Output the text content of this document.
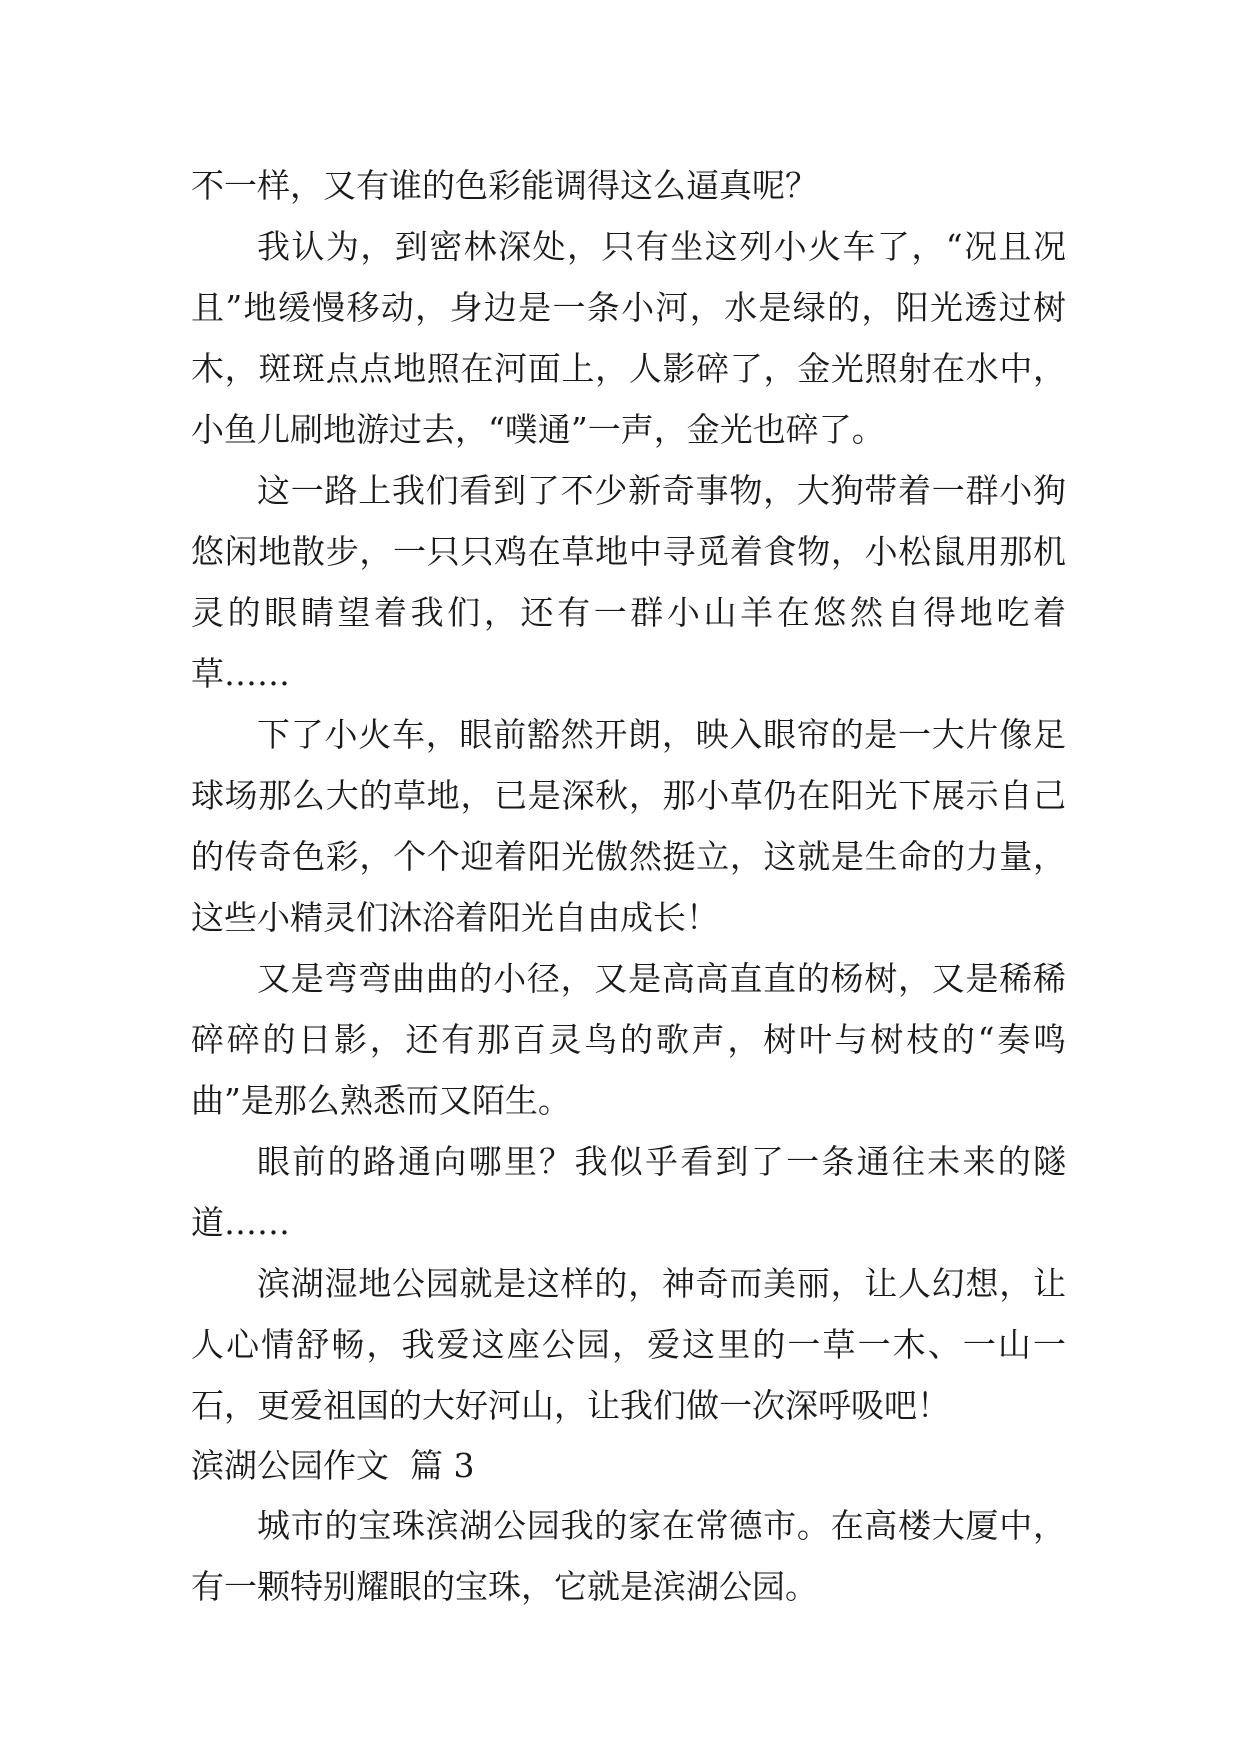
不一样，又有谁的色彩能调得这么逼真呢？

我认为，到密林深处，只有坐这列小火车了，“况且况且”地缓慢移动，身边是一条小河，水是绿的，阳光透过树木，斑斑点点地照在河面上，人影碎了，金光照射在水中，小鱼儿刷地游过去，“噗通”一声，金光也碎了。

这一路上我们看到了不少新奇事物，大狗带着一群小狗悠闲地散步，一只只鸡在草地中寻觅着食物，小松鼠用那机灵的眼睛望着我们，还有一群小山羊在悠然自得地吃着草……

下了小火车，眼前豁然开朗，映入眼帘的是一大片像足球场那么大的草地，已是深秋，那小草仍在阳光下展示自己的传奇色彩，个个迎着阳光傲然挺立，这就是生命的力量，这些小精灵们沐浴着阳光自由成长！

又是弯弯曲曲的小径，又是高高直直的杨树，又是稀稀碎碎的日影，还有那百灵鸟的歌声，树叶与树枝的“奏鸣曲”是那么熟悉而又陌生。

眼前的路通向哪里？我似乎看到了一条通往未来的隧道……

滨湖湿地公园就是这样的，神奇而美丽，让人幻想，让人心情舒畅，我爱这座公园，爱这里的一草一木、一山一石，更爱祖国的大好河山，让我们做一次深呼吸吧！

滨湖公园作文  篇 3

城市的宝珠滨湖公园我的家在常德市。在高楼大厦中，有一颗特别耀眼的宝珠，它就是滨湖公园。
